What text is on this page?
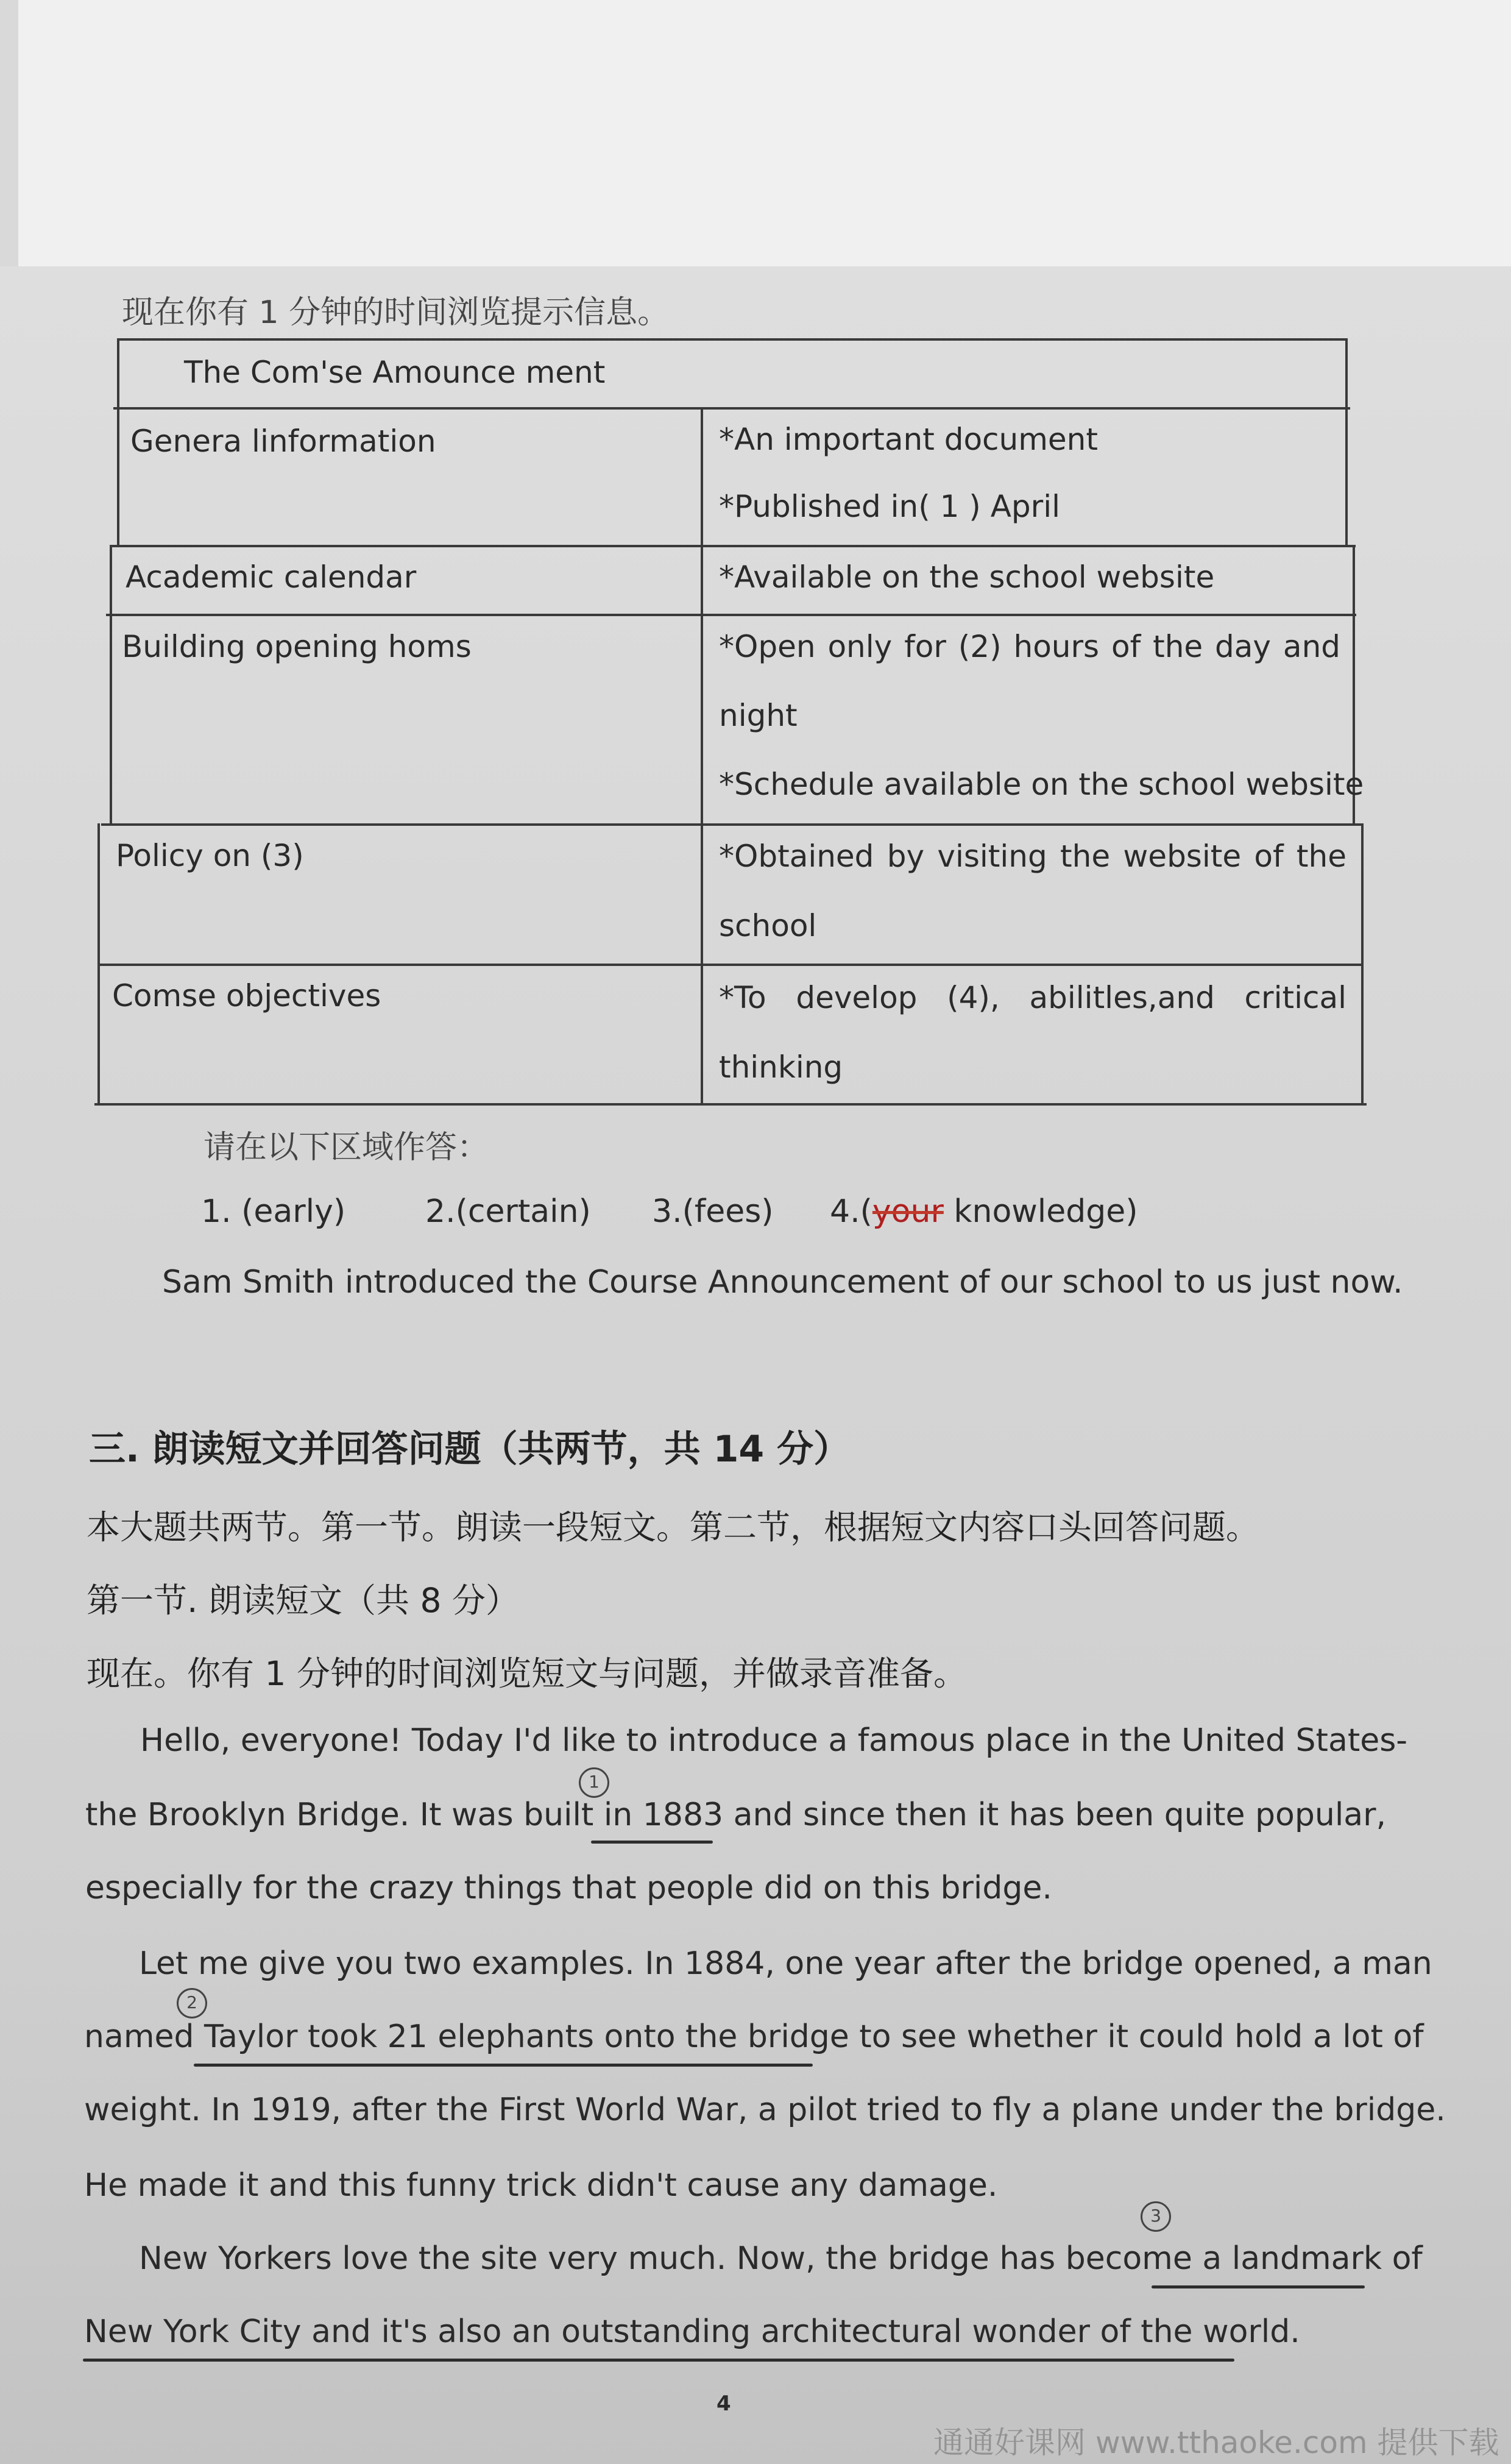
现在你有 1 分钟的时间浏览提示信息。
The Com'se Amounce ment
Genera linformation	*An important document
*Published in( 1 ) April
Academic calendar	*Available on the school website
Building opening homs	*Open only for (2) hours of the day and
night
*Schedule available on the school website
Policy on (3)	*Obtained by visiting the website of the
school
Comse objectives	*To develop (4), abilitles,and critical
thinking
请在以下区域作答：
1. (early)	2.(certain) 3.(fees) 4.(your knowledge)
Sam Smith introduced the Course Announcement of our school to us just now.
三. 朗读短文并回答问题（共两节，共 14 分）
本大题共两节。第一节。朗读一段短文。第二节，根据短文内容口头回答问题。
第一节. 朗读短文（共 8 分）
现在。你有 1 分钟的时间浏览短文与问题，并做录音准备。
Hello, everyone! Today I'd like to introduce a famous place in the United States-
the Brooklyn Bridge. It was built in 1883 and since then it has been quite popular,
especially for the crazy things that people did on this bridge.
Let me give you two examples. In 1884, one year after the bridge opened, a man
named Taylor took 21 elephants onto the bridge to see whether it could hold a lot of
weight. In 1919, after the First World War, a pilot tried to fly a plane under the bridge.
He made it and this funny trick didn't cause any damage.
New Yorkers love the site very much. Now, the bridge has become a landmark of
New York City and it's also an outstanding architectural wonder of the world.
1
2
3
4
通通好课网 www.tthaoke.com 提供下载
